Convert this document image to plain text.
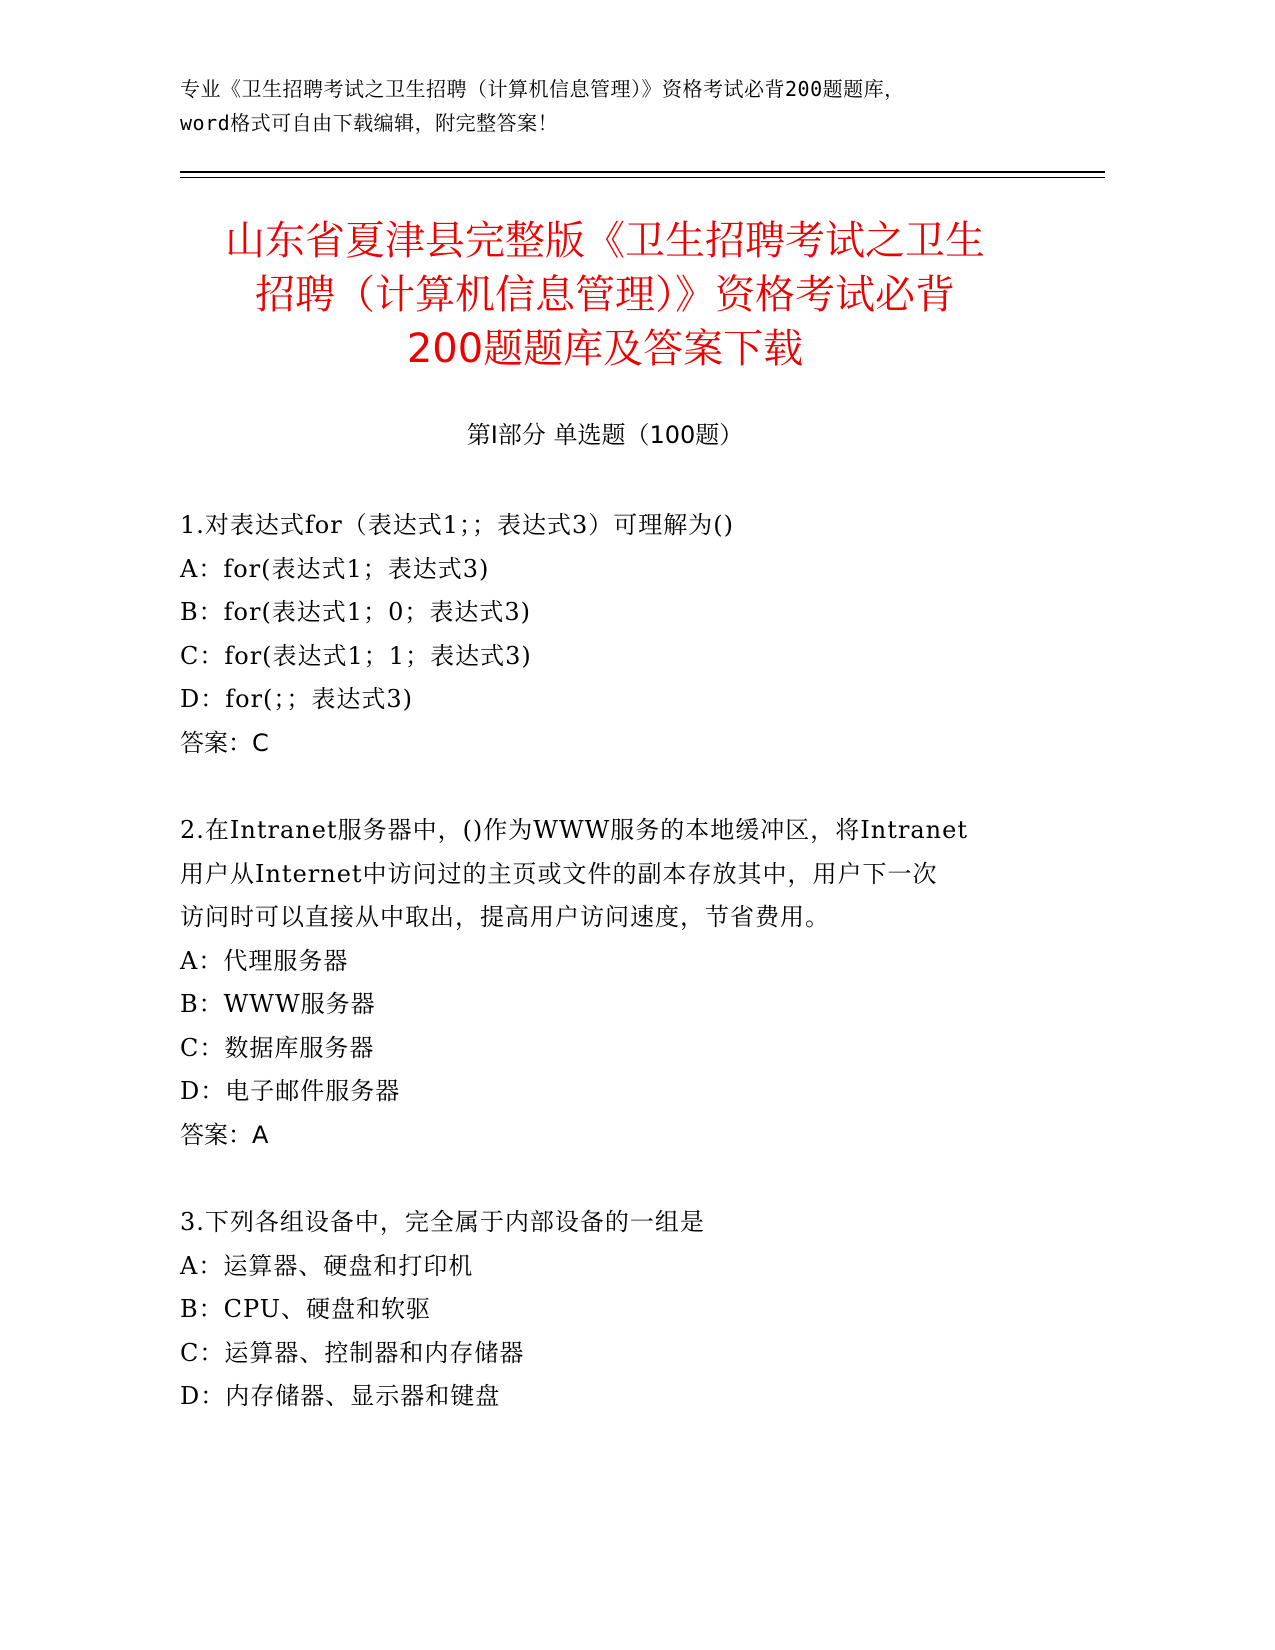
专业《卫生招聘考试之卫生招聘（计算机信息管理）》资格考试必背200题题库，
word格式可自由下载编辑，附完整答案！
山东省夏津县完整版《卫生招聘考试之卫生
招聘（计算机信息管理）》资格考试必背
200题题库及答案下载
第Ⅰ部分 单选题（100题）
1.对表达式for（表达式1；；表达式3）可理解为()
A：for(表达式1；表达式3)
B：for(表达式1；0；表达式3)
C：for(表达式1；1；表达式3)
D：for(；；表达式3)
答案：C
2.在Intranet服务器中，()作为WWW服务的本地缓冲区，将Intranet
用户从Internet中访问过的主页或文件的副本存放其中，用户下一次
访问时可以直接从中取出，提高用户访问速度，节省费用。
A：代理服务器
B：WWW服务器
C：数据库服务器
D：电子邮件服务器
答案：A
3.下列各组设备中，完全属于内部设备的一组是
A：运算器、硬盘和打印机
B：CPU、硬盘和软驱
C：运算器、控制器和内存储器
D：内存储器、显示器和键盘
